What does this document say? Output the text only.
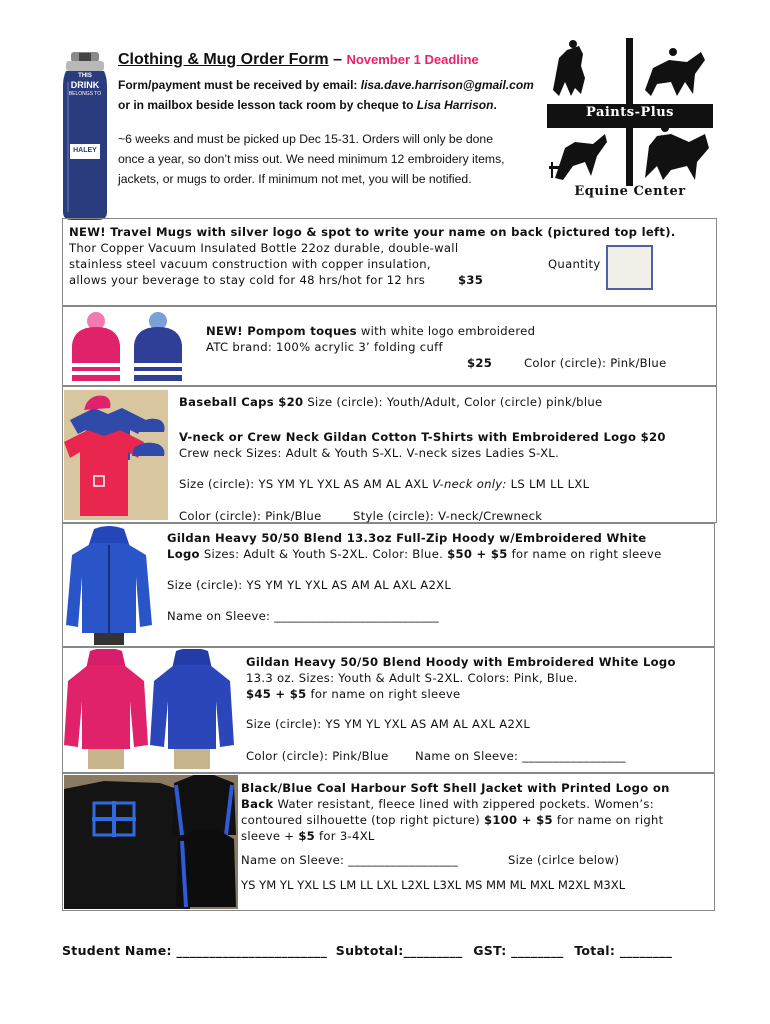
THIS
DRINK
BELONGS TO
HALEY
Clothing & Mug Order Form – November 1 Deadline
Form/payment must be received by email: lisa.dave.harrison@gmail.com
or in mailbox beside lesson tack room by cheque to Lisa Harrison.
~6 weeks and must be picked up Dec 15-31. Orders will only be done
once a year, so don’t miss out. We need minimum 12 embroidery items,
jackets, or mugs to order. If minimum not met, you will be notified.
Paints-Plus
Equine Center
NEW! Travel Mugs with silver logo & spot to write your name on back (pictured top left).
Thor Copper Vacuum Insulated Bottle 22oz durable, double-wall
stainless steel vacuum construction with copper insulation,	Quantity
allows your beverage to stay cold for 48 hrs/hot for 12 hrs	$35
NEW! Pompom toques with white logo embroidered
ATC brand: 100% acrylic 3’ folding cuff
$25	Color (circle): Pink/Blue
Baseball Caps $20 Size (circle): Youth/Adult, Color (circle) pink/blue
V-neck or Crew Neck Gildan Cotton T-Shirts with Embroidered Logo $20
Crew neck Sizes: Adult & Youth S-XL. V-neck sizes Ladies S-XL.
Size (circle): YS YM YL YXL AS AM AL AXL V-neck only: LS LM LL LXL
Color (circle): Pink/Blue	Style (circle): V-neck/Crewneck
Gildan Heavy 50/50 Blend 13.3oz Full-Zip Hoody w/Embroidered White
Logo Sizes: Adult & Youth S-2XL. Color: Blue. $50 + $5 for name on right sleeve
Size (circle): YS YM YL YXL AS AM AL AXL A2XL
Name on Sleeve: ___________________________
Gildan Heavy 50/50 Blend Hoody with Embroidered White Logo
13.3 oz. Sizes: Youth & Adult S-2XL. Colors: Pink, Blue.
$45 + $5 for name on right sleeve
Size (circle): YS YM YL YXL AS AM AL AXL A2XL
Color (circle): Pink/Blue Name on Sleeve: _________________
Black/Blue Coal Harbour Soft Shell Jacket with Printed Logo on
Back Water resistant, fleece lined with zippered pockets. Women’s:
contoured silhouette (top right picture) $100 + $5 for name on right
sleeve + $5 for 3-4XL
Name on Sleeve: __________________	Size (cirlce below)
YS YM YL YXL LS LM LL LXL L2XL L3XL MS MM ML MXL M2XL M3XL
Student Name: _______________________ Subtotal:_________ GST: ________ Total: ________
